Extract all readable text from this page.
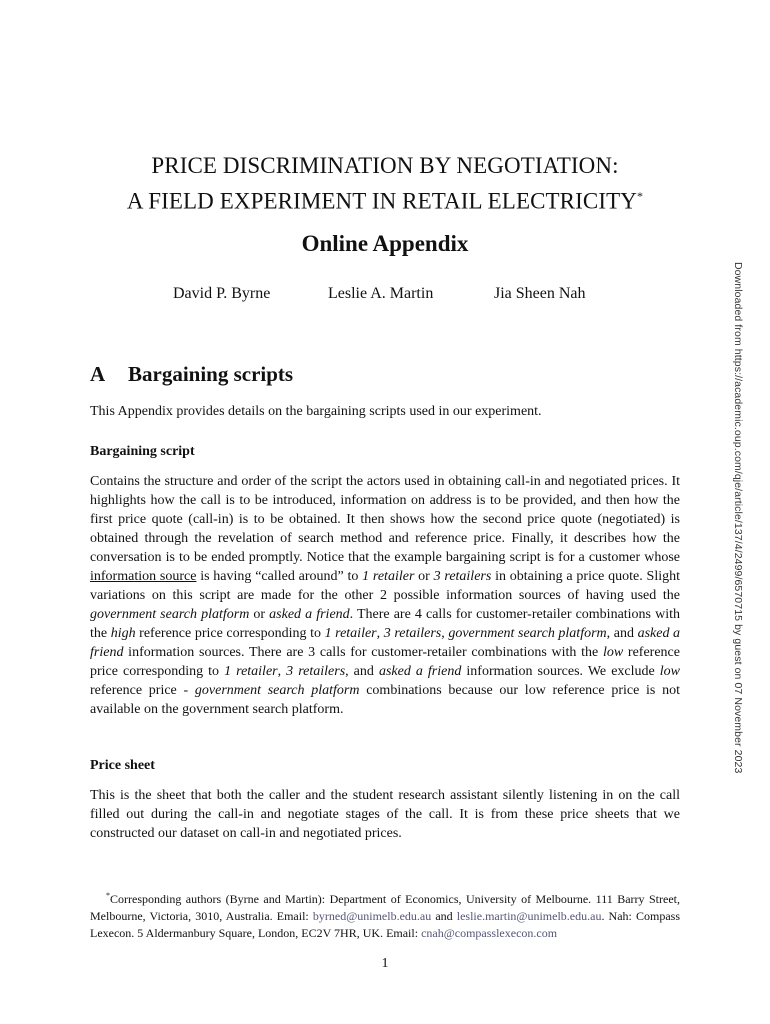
PRICE DISCRIMINATION BY NEGOTIATION:
A FIELD EXPERIMENT IN RETAIL ELECTRICITY*
Online Appendix
David P. Byrne	Leslie A. Martin	Jia Sheen Nah
A Bargaining scripts
This Appendix provides details on the bargaining scripts used in our experiment.
Bargaining script
Contains the structure and order of the script the actors used in obtaining call-in and negotiated prices. It highlights how the call is to be introduced, information on address is to be provided, and then how the first price quote (call-in) is to be obtained. It then shows how the second price quote (negotiated) is obtained through the revelation of search method and reference price. Finally, it describes how the conversation is to be ended promptly. Notice that the example bargaining script is for a customer whose information source is having “called around” to 1 retailer or 3 retailers in obtaining a price quote. Slight variations on this script are made for the other 2 possible information sources of having used the government search platform or asked a friend. There are 4 calls for customer-retailer combinations with the high reference price corresponding to 1 retailer, 3 retailers, government search platform, and asked a friend information sources. There are 3 calls for customer-retailer combinations with the low reference price corresponding to 1 retailer, 3 retailers, and asked a friend information sources. We exclude low reference price - government search platform combinations because our low reference price is not available on the government search platform.
Price sheet
This is the sheet that both the caller and the student research assistant silently listening in on the call filled out during the call-in and negotiate stages of the call. It is from these price sheets that we constructed our dataset on call-in and negotiated prices.
*Corresponding authors (Byrne and Martin): Department of Economics, University of Melbourne. 111 Barry Street, Melbourne, Victoria, 3010, Australia. Email: byrned@unimelb.edu.au and leslie.martin@unimelb.edu.au. Nah: Compass Lexecon. 5 Aldermanbury Square, London, EC2V 7HR, UK. Email: cnah@compasslexecon.com
1
Downloaded from https://academic.oup.com/qje/article/137/4/2499/6570715 by guest on 07 November 2023
